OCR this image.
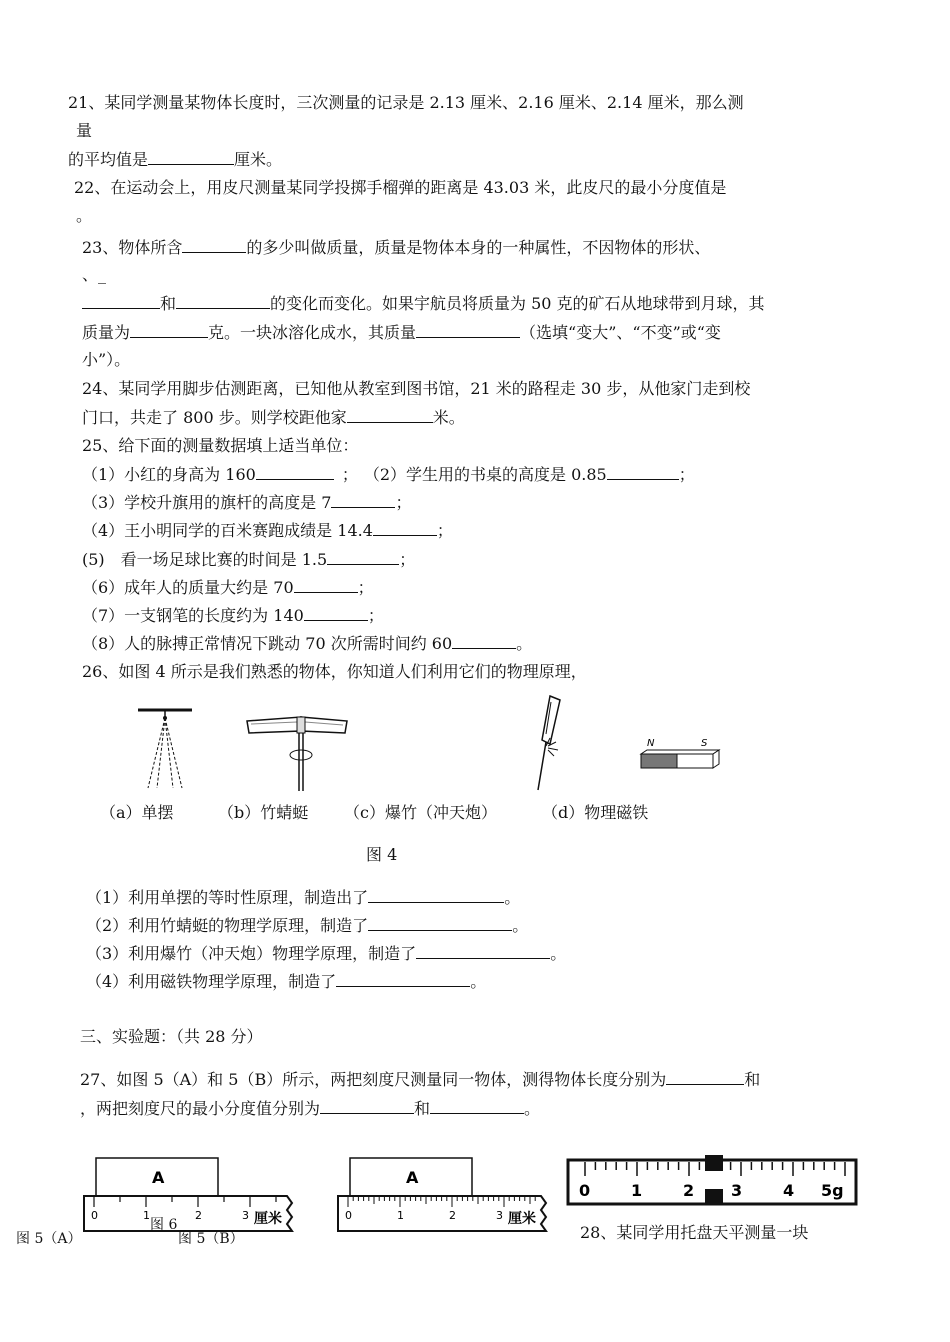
21、某同学测量某物体长度时，三次测量的记录是 2.13 厘米、2.16 厘米、2.14 厘米，那么测
量
的平均值是	厘米。
22、在运动会上，用皮尺测量某同学投掷手榴弹的距离是 43.03 米，此皮尺的最小分度值是
。
23、物体所含	的多少叫做质量，质量是物体本身的一种属性，不因物体的形状、
、_
和	的变化而变化。如果宇航员将质量为 50 克的矿石从地球带到月球，其
质量为	克。一块冰溶化成水，其质量	（选填“变大”、“不变”或“变
小”）。
24、某同学用脚步估测距离，已知他从教室到图书馆，21 米的路程走 30 步，从他家门走到校
门口，共走了 800 步。则学校距他家	米。
25、给下面的测量数据填上适当单位：
（1）小红的身高为 160	； （2）学生用的书桌的高度是 0.85	；
（3）学校升旗用的旗杆的高度是 7	；
（4）王小明同学的百米赛跑成绩是 14.4	；
(5)　看一场足球比赛的时间是 1.5	；
（6）成年人的质量大约是 70	；
（7）一支钢笔的长度约为 140	；
（8）人的脉搏正常情况下跳动 70 次所需时间约 60	。
26、如图 4 所示是我们熟悉的物体，你知道人们利用它们的物理原理，
N	S
（a）单摆	（b）竹蜻蜓 （c）爆竹（冲天炮）	（d）物理磁铁
图 4
（1）利用单摆的等时性原理，制造出了	。
（2）利用竹蜻蜓的物理学原理，制造了	。
（3）利用爆竹（冲天炮）物理学原理，制造了	。
（4）利用磁铁物理学原理，制造了	。
三、实验题：（共 28 分）
27、如图 5（A）和 5（B）所示，两把刻度尺测量同一物体，测得物体长度分别为	和
，两把刻度尺的最小分度值分别为	和	。
A
0	1	2	3 厘米
A
0	1	2	3 厘米
0	1	2 3	4 5g
图 6
图 5（A）	图 5（B）	28、某同学用托盘天平测量一块
